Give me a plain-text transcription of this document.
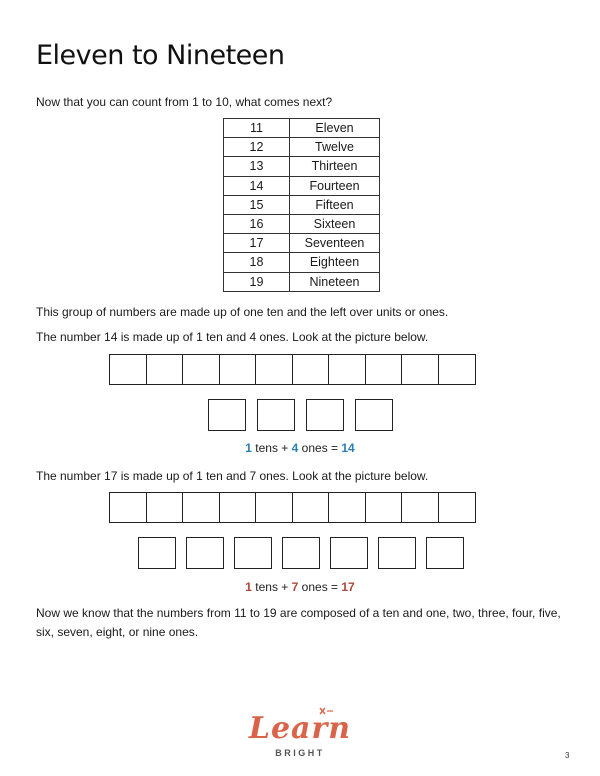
Eleven to Nineteen

Now that you can count from 1 to 10, what comes next?

11	Eleven
12	Twelve
13	Thirteen
14	Fourteen
15	Fifteen
16	Sixteen
17	Seventeen
18	Eighteen
19	Nineteen

This group of numbers are made up of one ten and the left over units or ones.

The number 14 is made up of 1 ten and 4 ones. Look at the picture below.

1 tens + 4 ones = 14

The number 17 is made up of 1 ten and 7 ones. Look at the picture below.

1 tens + 7 ones = 17

Now we know that the numbers from 11 to 19 are composed of a ten and one, two, three, four, five, six, seven, eight, or nine ones.

Learn
BRIGHT	3
